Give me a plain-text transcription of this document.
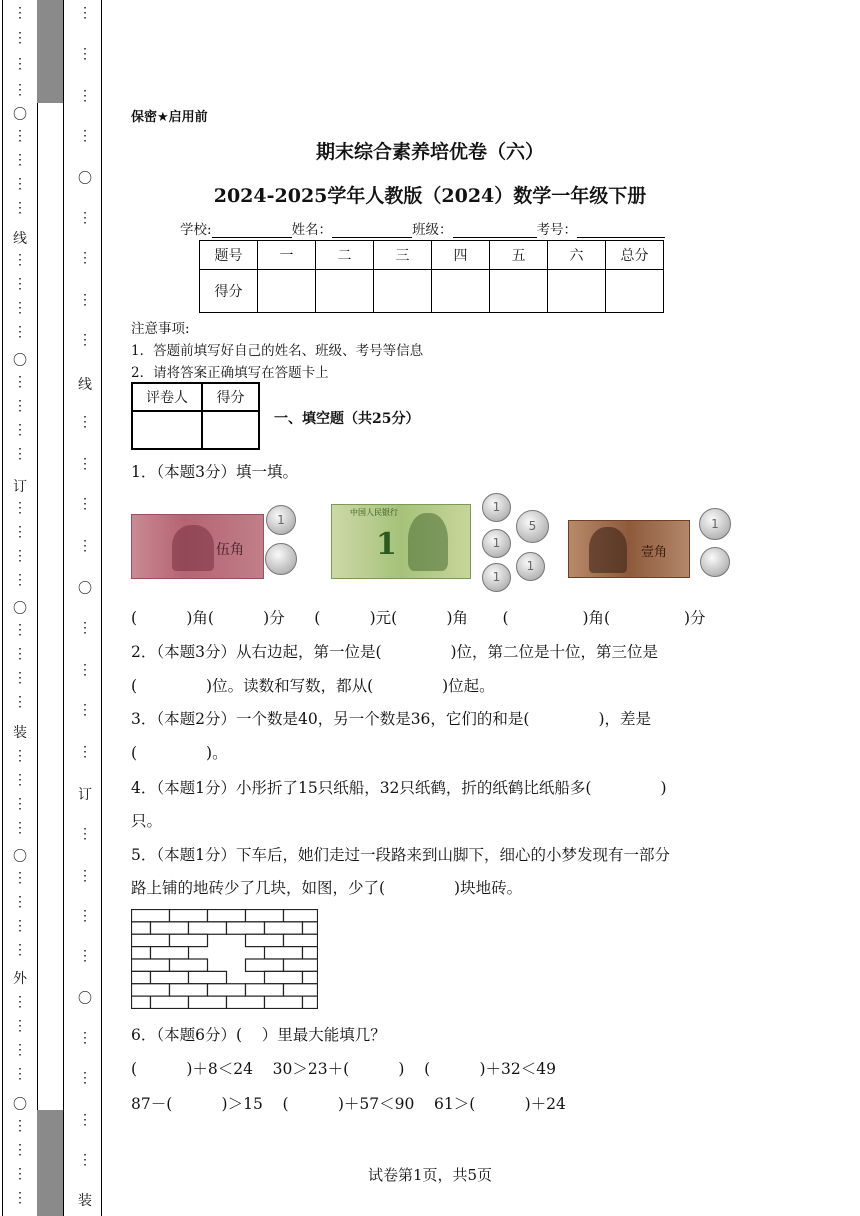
⋮
⋮
⋮
⋮
〇
⋮
⋮
⋮
⋮
线
⋮
⋮
⋮
⋮
〇
⋮
⋮
⋮
⋮
订
⋮
⋮
⋮
⋮
〇
⋮
⋮
⋮
⋮
装
⋮
⋮
⋮
⋮
〇
⋮
⋮
⋮
⋮
外
⋮
⋮
⋮
⋮
〇
⋮
⋮
⋮
⋮
⋮
⋮
⋮
⋮
〇
⋮
⋮
⋮
⋮
线
⋮
⋮
⋮
⋮
〇
⋮
⋮
⋮
⋮
订
⋮
⋮
⋮
⋮
〇
⋮
⋮
⋮
⋮
装
保密★启用前
期末综合素养培优卷（六）
2024-2025学年人教版（2024）数学一年级下册
学校:	姓名：	班级：	考号：
题号	一	二	三	四	五	六	总分
得分							
注意事项:
1．答题前填写好自己的姓名、班级、考号等信息
2．请将答案正确填写在答题卡上
评卷人	得分

一、填空题（共25分）
1．（本题3分）填一填。
伍角
1
中国人民银行
1
1
1
1
5
1
壹角
1
(          )角(          )分      (          )元(          )角       (               )角(               )分
2．（本题3分）从右边起，第一位是(              )位，第二位是十位，第三位是
(              )位。读数和写数，都从(              )位起。
3．（本题2分）一个数是40，另一个数是36，它们的和是(              )，差是
(              )。
4．（本题1分）小彤折了15只纸船，32只纸鹤，折的纸鹤比纸船多(              )
只。
5．（本题1分）下车后，她们走过一段路来到山脚下，细心的小梦发现有一部分
路上铺的地砖少了几块，如图，少了(              )块地砖。
6．（本题6分）(    ）里最大能填几？
(          )＋8＜24    30＞23＋(          )    (          )＋32＜49
87－(          )＞15    (          )＋57＜90    61＞(          )＋24
试卷第1页，共5页
